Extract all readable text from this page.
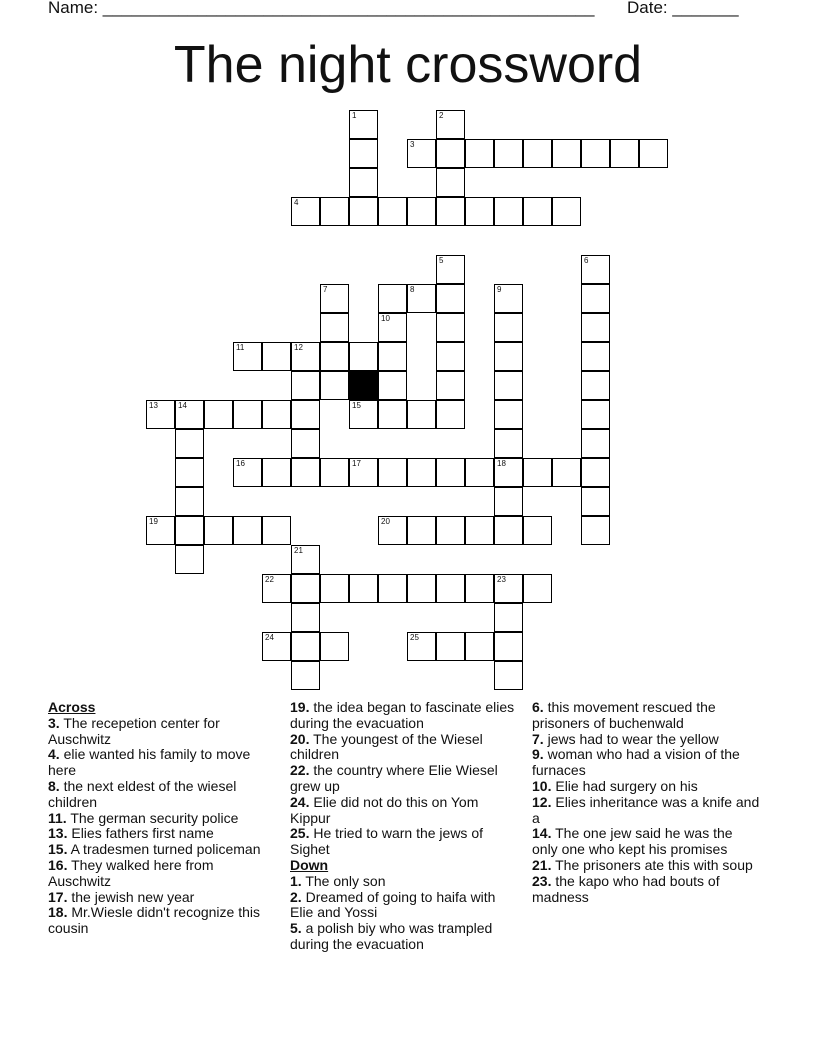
Name: ____________________________________________________ Date: _______
The night crossword
1	2
3
4
5	6
7	8	9
10
11	12
13	14	15
16	17	18
19	20
21
22	23
24	25
Across
3. The recepetion center for Auschwitz
4. elie wanted his family to move here
8. the next eldest of the wiesel children
11. The german security police
13. Elies fathers first name
15. A tradesmen turned policeman
16. They walked here from Auschwitz
17. the jewish new year
18. Mr.Wiesle didn't recognize this cousin
19. the idea began to fascinate elies during the evacuation
20. The youngest of the Wiesel children
22. the country where Elie Wiesel grew up
24. Elie did not do this on Yom Kippur
25. He tried to warn the jews of Sighet
Down
1. The only son
2. Dreamed of going to haifa with Elie and Yossi
5. a polish biy who was trampled during the evacuation
6. this movement rescued the prisoners of buchenwald
7. jews had to wear the yellow
9. woman who had a vision of the furnaces
10. Elie had surgery on his
12. Elies inheritance was a knife and a
14. The one jew said he was the only one who kept his promises
21. The prisoners ate this with soup
23. the kapo who had bouts of madness
